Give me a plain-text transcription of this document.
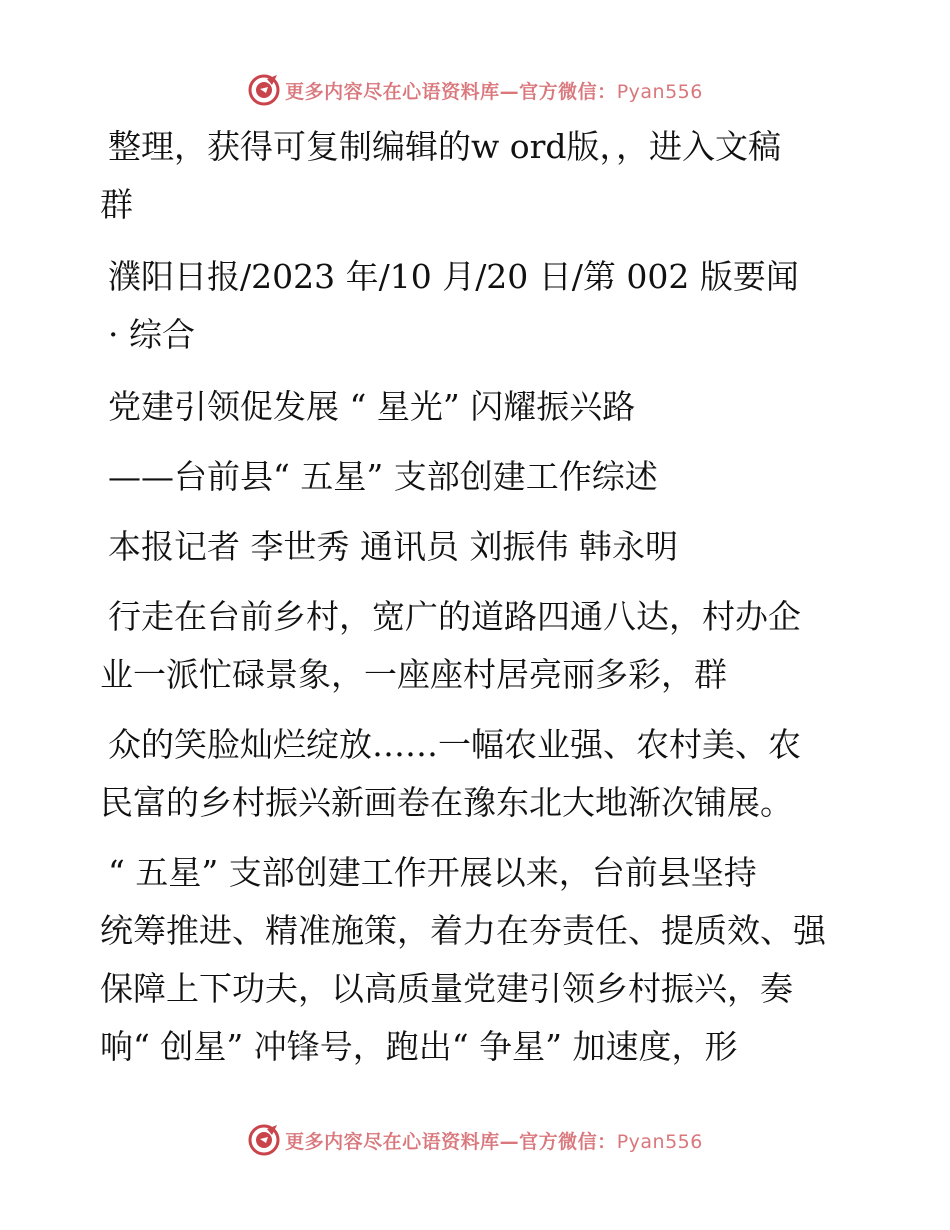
更多内容尽在心语资料库—官方微信：Pyan556

整理，获得可复制编辑的w ord版，，进入文稿

群

濮阳日报/2023 年/10 月/20 日/第 002 版要闻

· 综合

党建引领促发展 “ 星光” 闪耀振兴路

——台前县“ 五星” 支部创建工作综述

本报记者 李世秀 通讯员 刘振伟 韩永明

行走在台前乡村，宽广的道路四通八达，村办企

业一派忙碌景象，一座座村居亮丽多彩，群

众的笑脸灿烂绽放……一幅农业强、农村美、农

民富的乡村振兴新画卷在豫东北大地渐次铺展。

“ 五星” 支部创建工作开展以来，台前县坚持

统筹推进、精准施策，着力在夯责任、提质效、强

保障上下功夫，以高质量党建引领乡村振兴，奏

响“ 创星” 冲锋号，跑出“ 争星” 加速度，形

更多内容尽在心语资料库—官方微信：Pyan556
